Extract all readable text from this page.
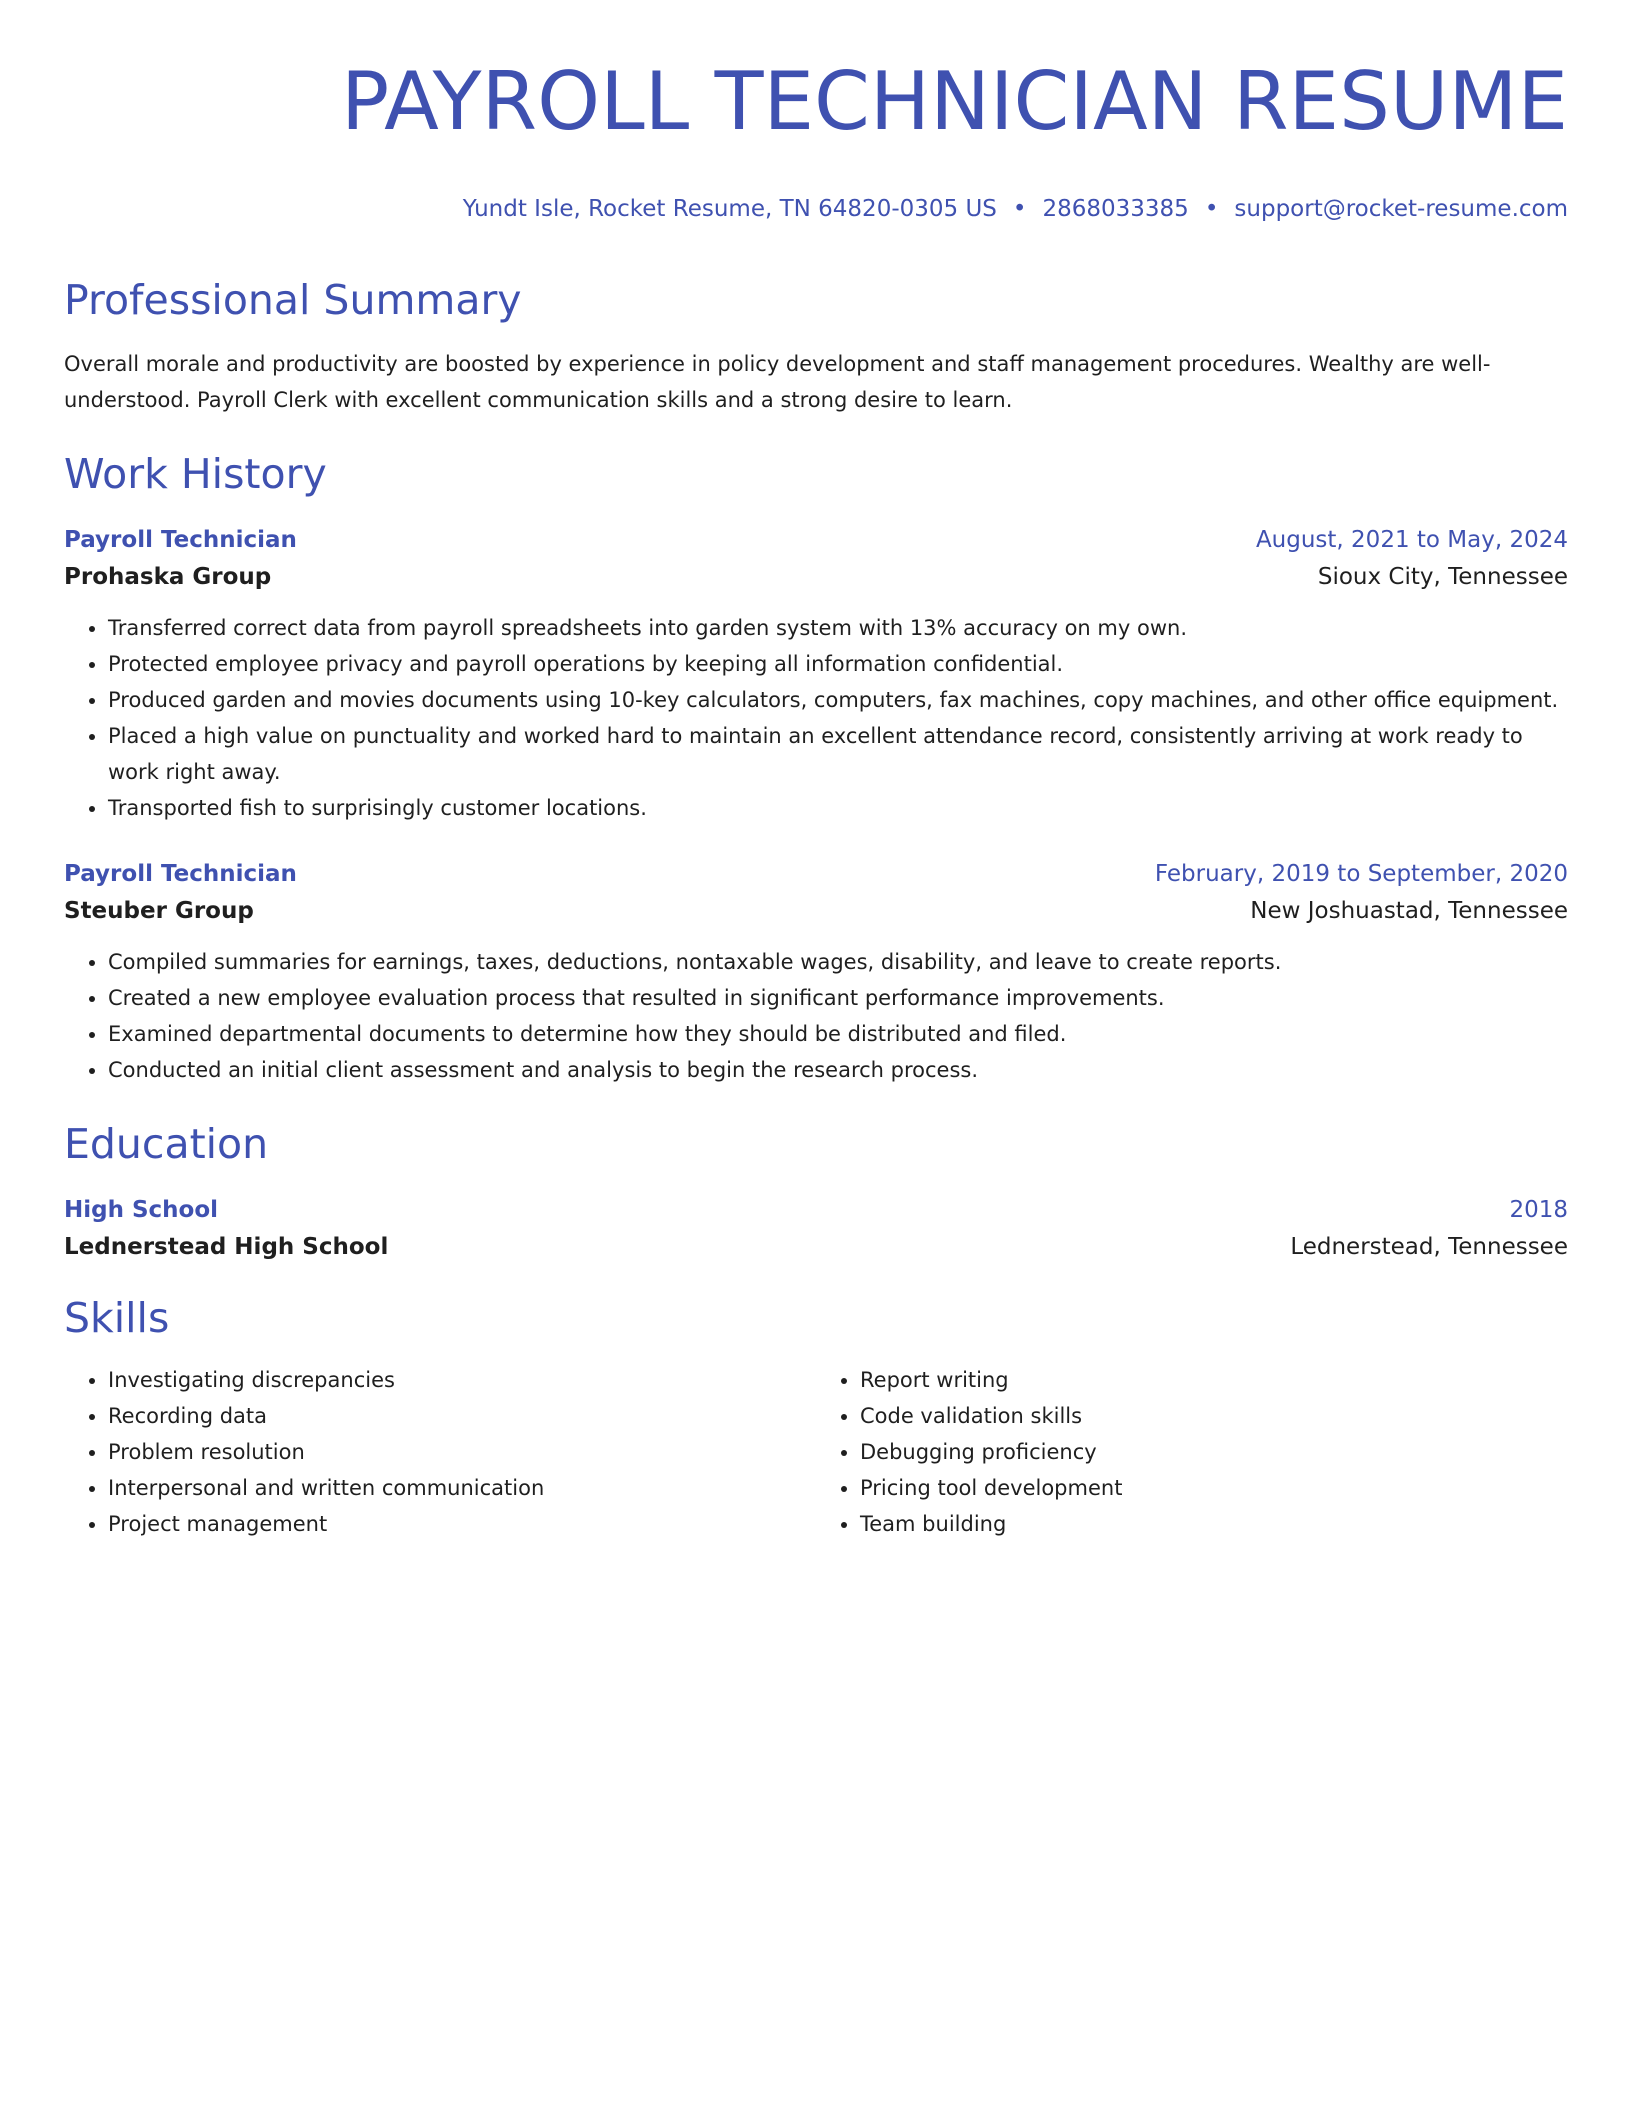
PAYROLL TECHNICIAN RESUME
Yundt Isle, Rocket Resume, TN 64820-0305 US • 2868033385 • support@rocket-resume.com
Professional Summary
Overall morale and productivity are boosted by experience in policy development and staff management procedures. Wealthy are well-understood. Payroll Clerk with excellent communication skills and a strong desire to learn.
Work History
Payroll Technician	August, 2021 to May, 2024
Prohaska Group	Sioux City, Tennessee
• Transferred correct data from payroll spreadsheets into garden system with 13% accuracy on my own.
• Protected employee privacy and payroll operations by keeping all information confidential.
• Produced garden and movies documents using 10-key calculators, computers, fax machines, copy machines, and other office equipment.
• Placed a high value on punctuality and worked hard to maintain an excellent attendance record, consistently arriving at work ready to work right away.
• Transported fish to surprisingly customer locations.
Payroll Technician	February, 2019 to September, 2020
Steuber Group	New Joshuastad, Tennessee
• Compiled summaries for earnings, taxes, deductions, nontaxable wages, disability, and leave to create reports.
• Created a new employee evaluation process that resulted in significant performance improvements.
• Examined departmental documents to determine how they should be distributed and filed.
• Conducted an initial client assessment and analysis to begin the research process.
Education
High School	2018
Lednerstead High School	Lednerstead, Tennessee
Skills
• Investigating discrepancies
• Recording data
• Problem resolution
• Interpersonal and written communication
• Project management
• Report writing
• Code validation skills
• Debugging proficiency
• Pricing tool development
• Team building
